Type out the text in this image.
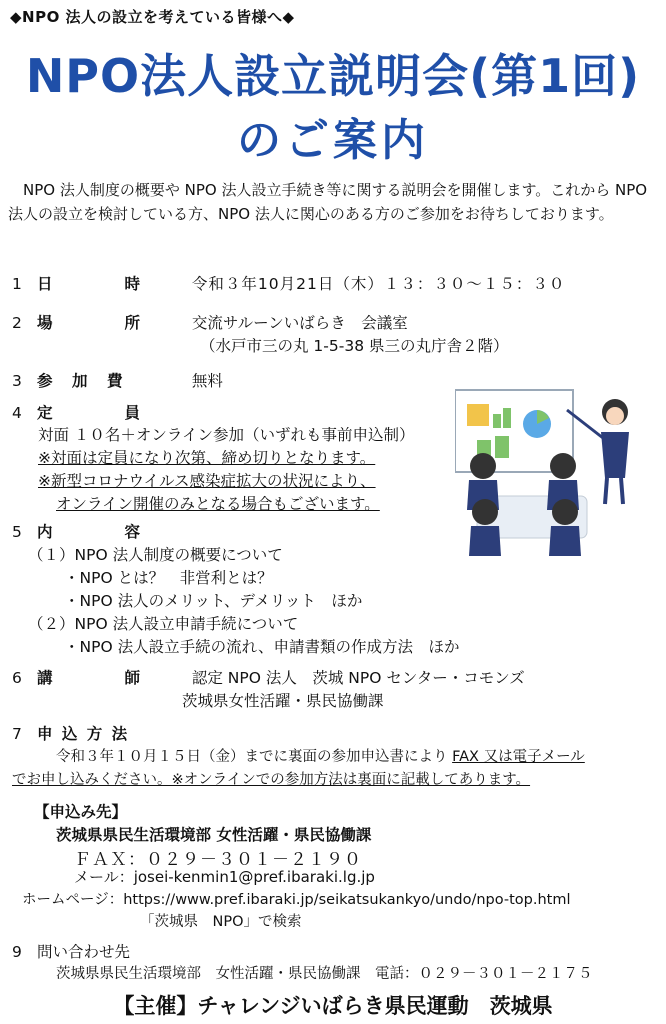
◆NPO 法人の設立を考えている皆様へ◆
NPO法人設立説明会(第1回)
のご案内
NPO 法人制度の概要や NPO 法人設立手続き等に関する説明会を開催します。これから NPO 法人の設立を検討している方、NPO 法人に関心のある方のご参加をお待ちしております。
1 日　　　　時	令和３年10月21日（木）１３：３０～１５：３０
2 場　　　　所	交流サルーンいばらき　会議室
（水戸市三の丸 1-5-38 県三の丸庁舎２階）
3 参　加　費	無料
4 定　　　　員
対面 １０名＋オンライン参加（いずれも事前申込制）
※対面は定員になり次第、締め切りとなります。
※新型コロナウイルス感染症拡大の状況により、
オンライン開催のみとなる場合もございます。
5 内　　　　容
（１）NPO 法人制度の概要について
・NPO とは？　非営利とは？
・NPO 法人のメリット、デメリット　ほか
（２）NPO 法人設立申請手続について
・NPO 法人設立手続の流れ、申請書類の作成方法　ほか
6 講　　　　師	認定 NPO 法人　茨城 NPO センター・コモンズ
茨城県女性活躍・県民協働課
7 申 込 方 法
令和３年１０月１５日（金）までに裏面の参加申込書により FAX 又は電子メール
でお申し込みください。※オンラインでの参加方法は裏面に記載してあります。
【申込み先】
茨城県県民生活環境部 女性活躍・県民協働課
ＦＡＸ：０２９－３０１－２１９０
メール：josei-kenmin1@pref.ibaraki.lg.jp
ホームページ：https://www.pref.ibaraki.jp/seikatsukankyo/undo/npo-top.html
「茨城県　NPO」で検索
9 問い合わせ先
茨城県県民生活環境部　女性活躍・県民協働課　電話：０２９－３０１－２１７５
【主催】チャレンジいばらき県民運動　茨城県
